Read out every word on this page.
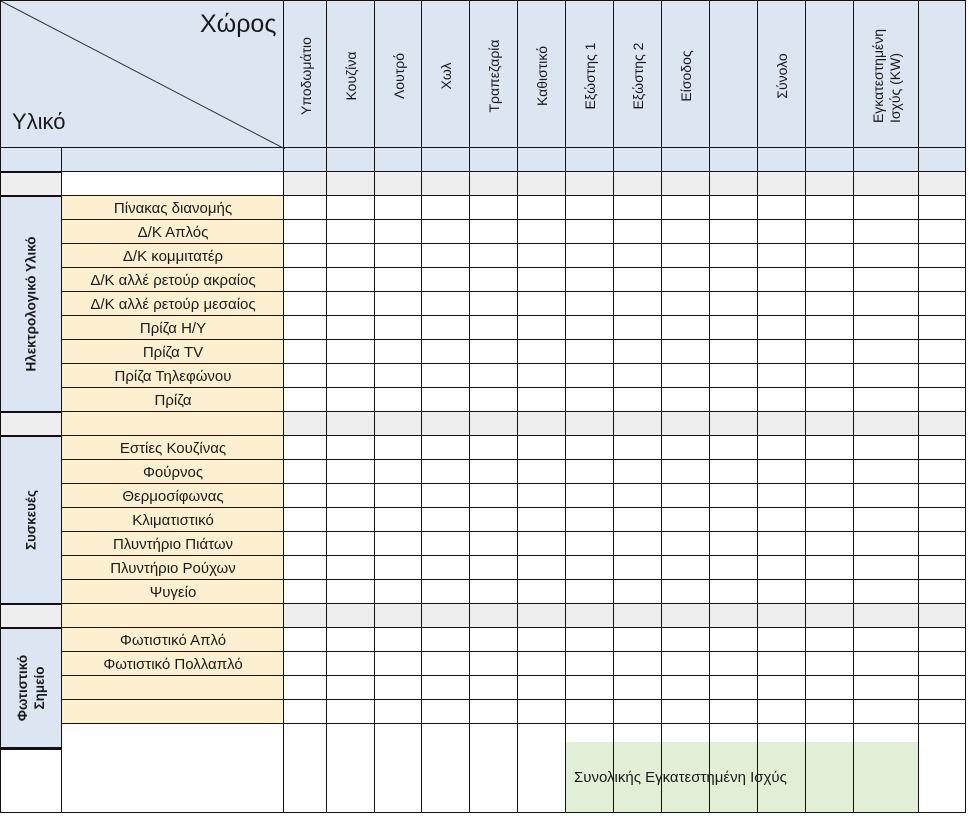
Χώρος
Υλικό
Υποδωμάτιο Κουζίνα Λουτρό Χωλ Τραπεζαρία Καθιστικό Εξώστης 1 Εξώστης 2 Είσοδος	Σύνολο	Εγκατεστημένη Ισχύς (KW)
Ηλεκτρολογικό Υλικό
Συσκευές
Φωτιστικό Σημείο
Πίνακας διανομής
Δ/Κ Απλός
Δ/Κ κομμιτατέρ
Δ/Κ αλλέ ρετούρ ακραίος
Δ/Κ αλλέ ρετούρ μεσαίος
Πρίζα Η/Υ
Πρίζα TV
Πρίζα Τηλεφώνου
Πρίζα
Εστίες Κουζίνας
Φούρνος
Θερμοσίφωνας
Κλιματιστικό
Πλυντήριο Πιάτων
Πλυντήριο Ρούχων
Ψυγείο
Φωτιστικό Απλό
Φωτιστικό Πολλαπλό
Συνολικής Εγκατεστημένη Ισχύς
